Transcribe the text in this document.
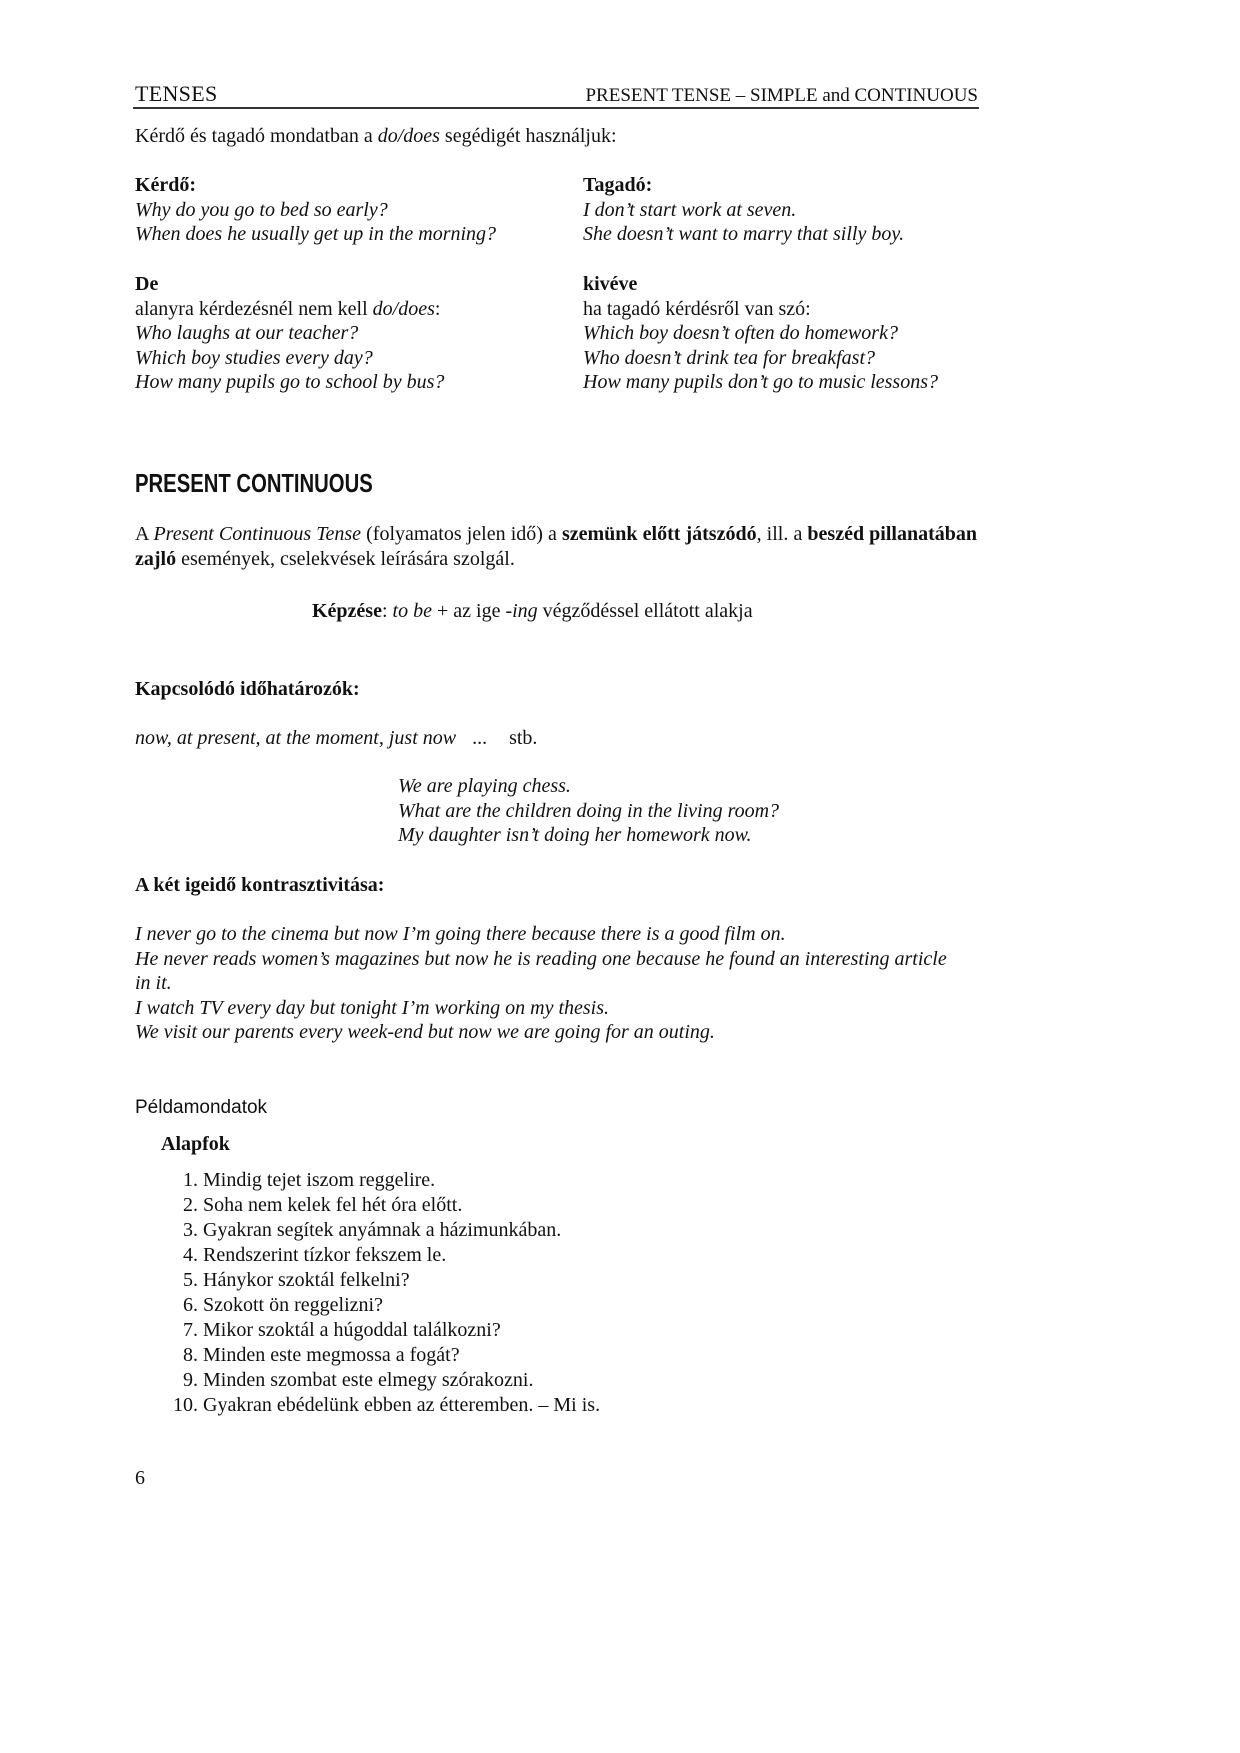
TENSES	PRESENT TENSE – SIMPLE and CONTINUOUS
Kérdő és tagadó mondatban a do/does segédigét használjuk:
Kérdő:
Why do you go to bed so early?
When does he usually get up in the morning?
Tagadó:
I don’t start work at seven.
She doesn’t want to marry that silly boy.
De
alanyra kérdezésnél nem kell do/does:
Who laughs at our teacher?
Which boy studies every day?
How many pupils go to school by bus?
kivéve
ha tagadó kérdésről van szó:
Which boy doesn’t often do homework?
Who doesn’t drink tea for breakfast?
How many pupils don’t go to music lessons?
PRESENT CONTINUOUS
A Present Continuous Tense (folyamatos jelen idő) a szemünk előtt játszódó, ill. a beszéd pillanatában zajló események, cselekvések leírására szolgál.
Képzése: to be + az ige -ing végződéssel ellátott alakja
Kapcsolódó időhatározók:
now, at present, at the moment, just now ... stb.
We are playing chess.
What are the children doing in the living room?
My daughter isn’t doing her homework now.
A két igeidő kontrasztivitása:
I never go to the cinema but now I’m going there because there is a good film on.
He never reads women’s magazines but now he is reading one because he found an interesting article
in it.
I watch TV every day but tonight I’m working on my thesis.
We visit our parents every week-end but now we are going for an outing.
Példamondatok
Alapfok
1. Mindig tejet iszom reggelire.
2. Soha nem kelek fel hét óra előtt.
3. Gyakran segítek anyámnak a házimunkában.
4. Rendszerint tízkor fekszem le.
5. Hánykor szoktál felkelni?
6. Szokott ön reggelizni?
7. Mikor szoktál a húgoddal találkozni?
8. Minden este megmossa a fogát?
9. Minden szombat este elmegy szórakozni.
10. Gyakran ebédelünk ebben az étteremben. – Mi is.
6
